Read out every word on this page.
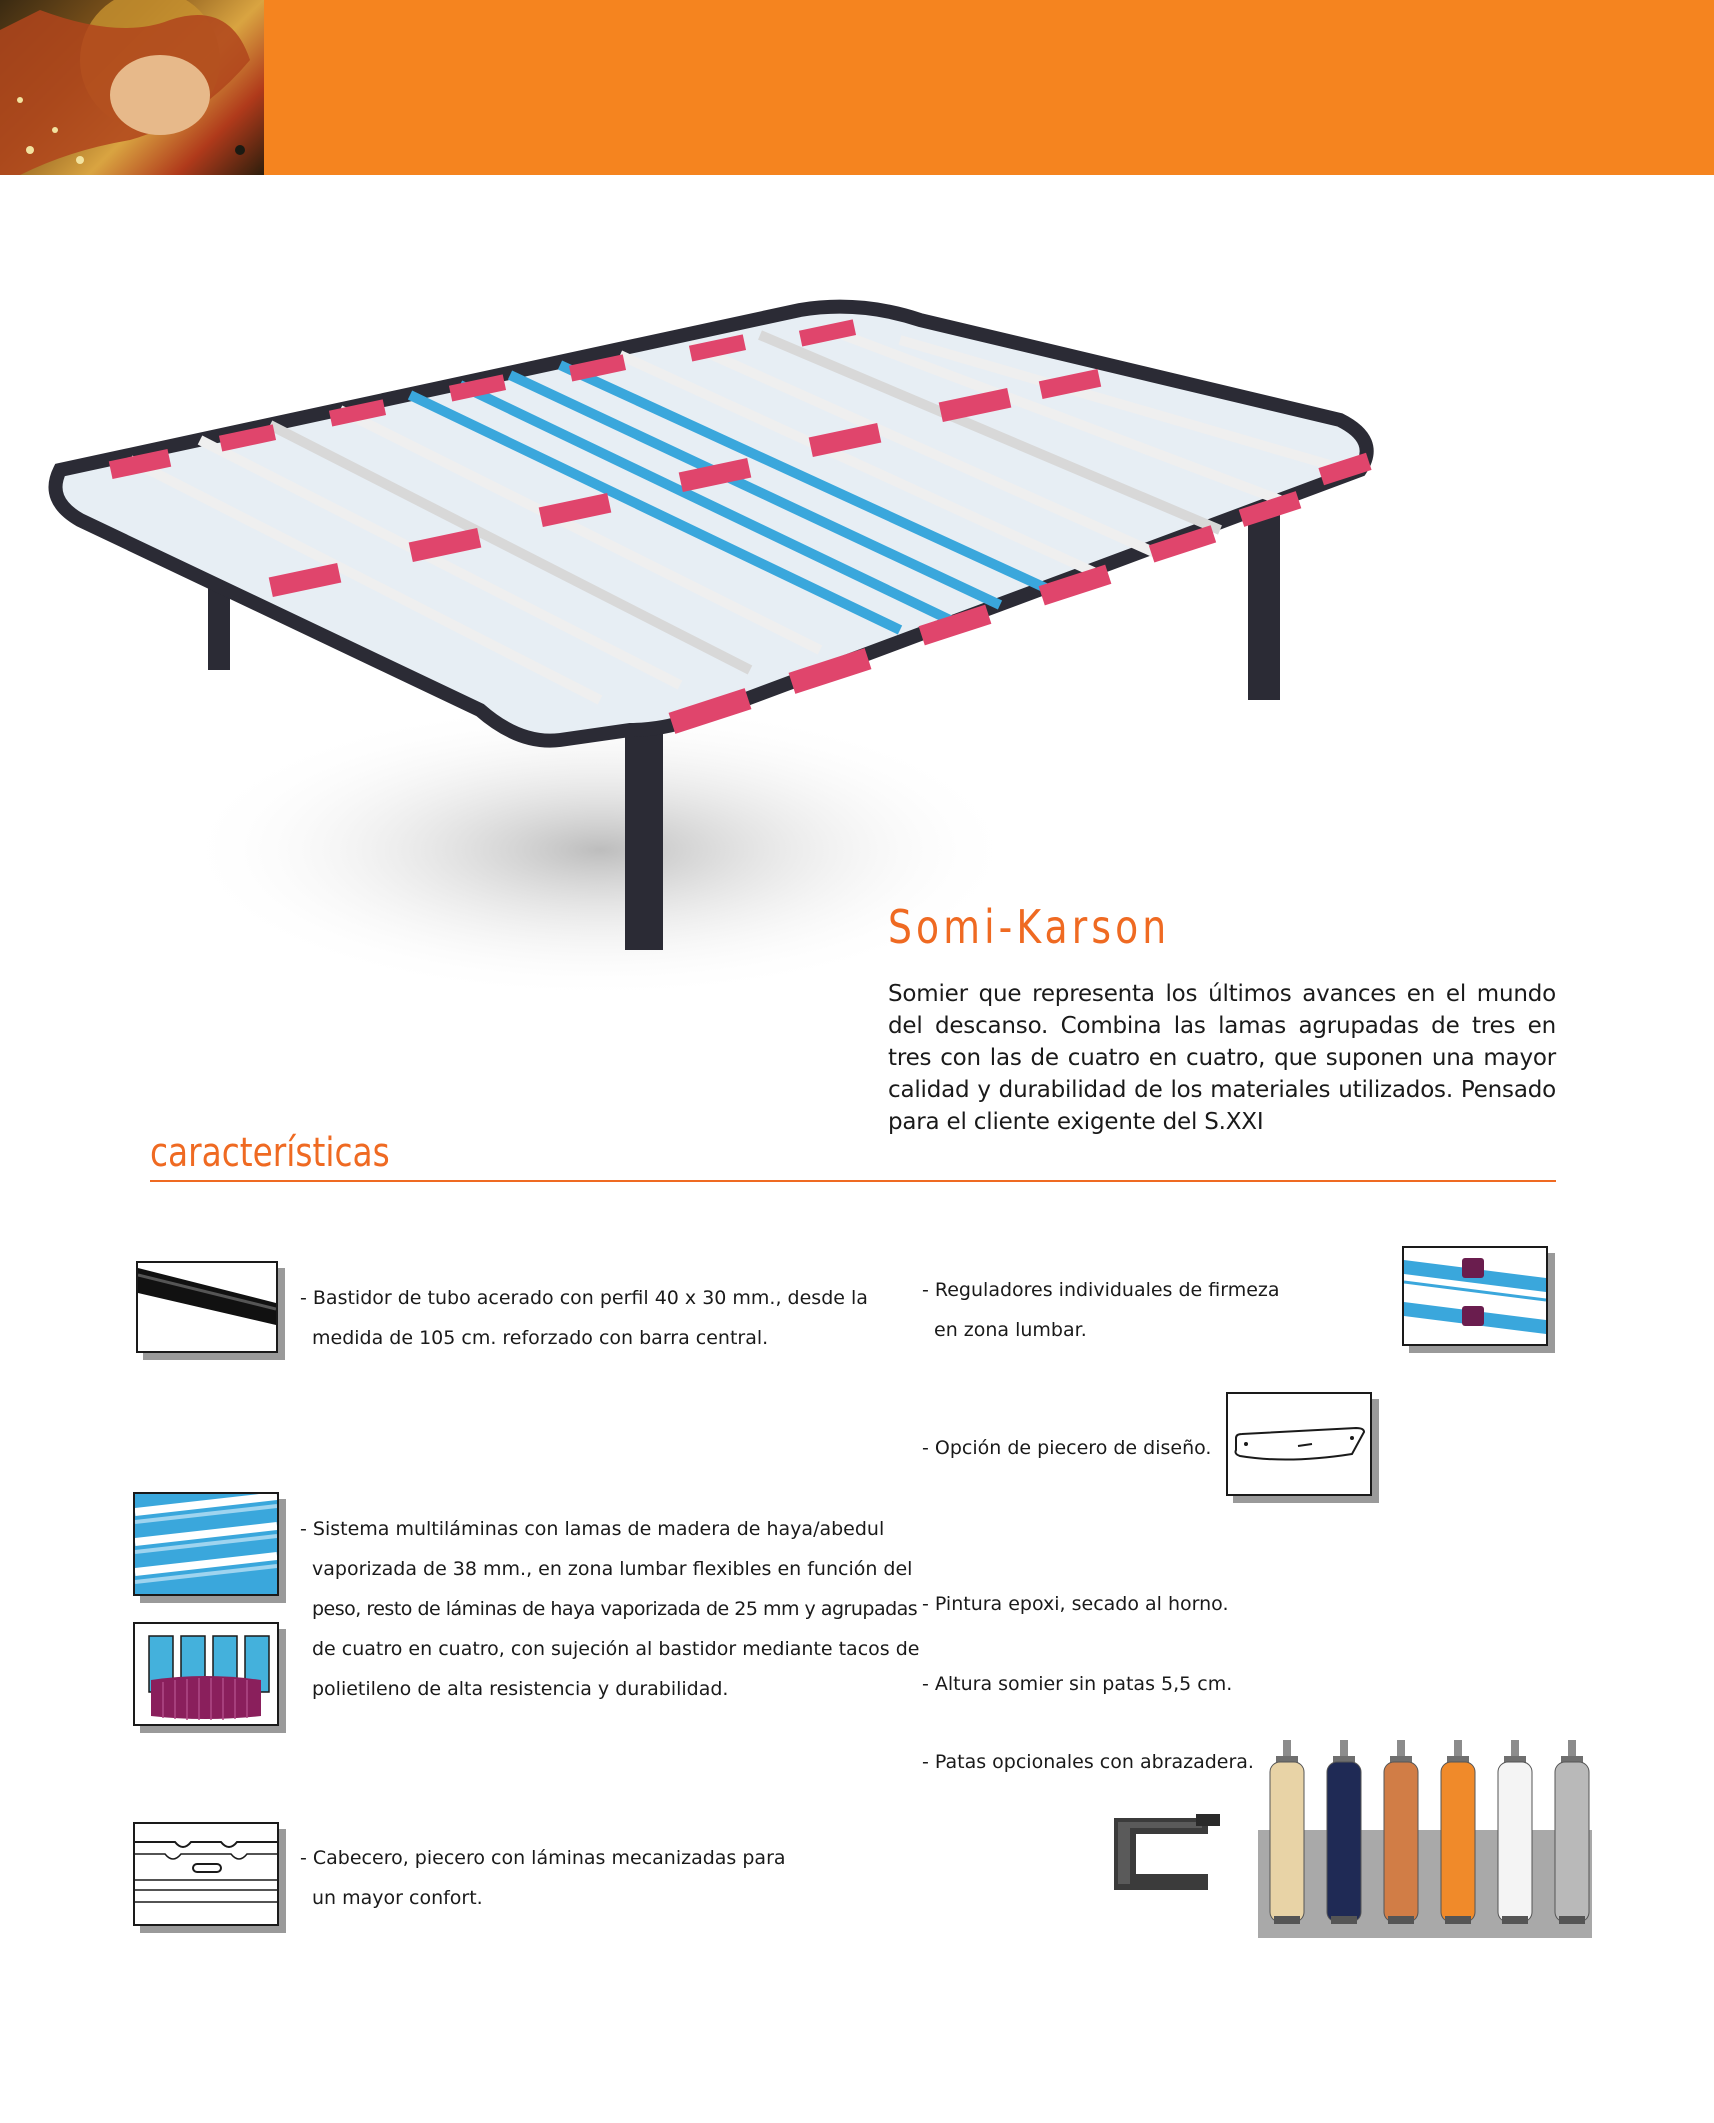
Somi-Karson

Somier que representa los últimos avances en el mundo del descanso. Combina las lamas agrupadas de tres en tres con las de cuatro en cuatro, que suponen una mayor calidad y durabilidad de los materiales utilizados. Pensado para el cliente exigente del S.XXI

características
- Bastidor de tubo acerado con perfil 40 x 30 mm., desde la
medida de 105 cm. reforzado con barra central.
- Sistema multiláminas con lamas de madera de haya/abedul
vaporizada de 38 mm., en zona lumbar flexibles en función del
peso, resto de láminas de haya vaporizada de 25 mm y agrupadas
de cuatro en cuatro, con sujeción al bastidor mediante tacos de
polietileno de alta resistencia y durabilidad.
- Cabecero, piecero con láminas mecanizadas para
un mayor confort.
- Reguladores individuales de firmeza
en zona lumbar.
- Opción de piecero de diseño.
- Pintura epoxi, secado al horno.
- Altura somier sin patas 5,5 cm.
- Patas opcionales con abrazadera.
